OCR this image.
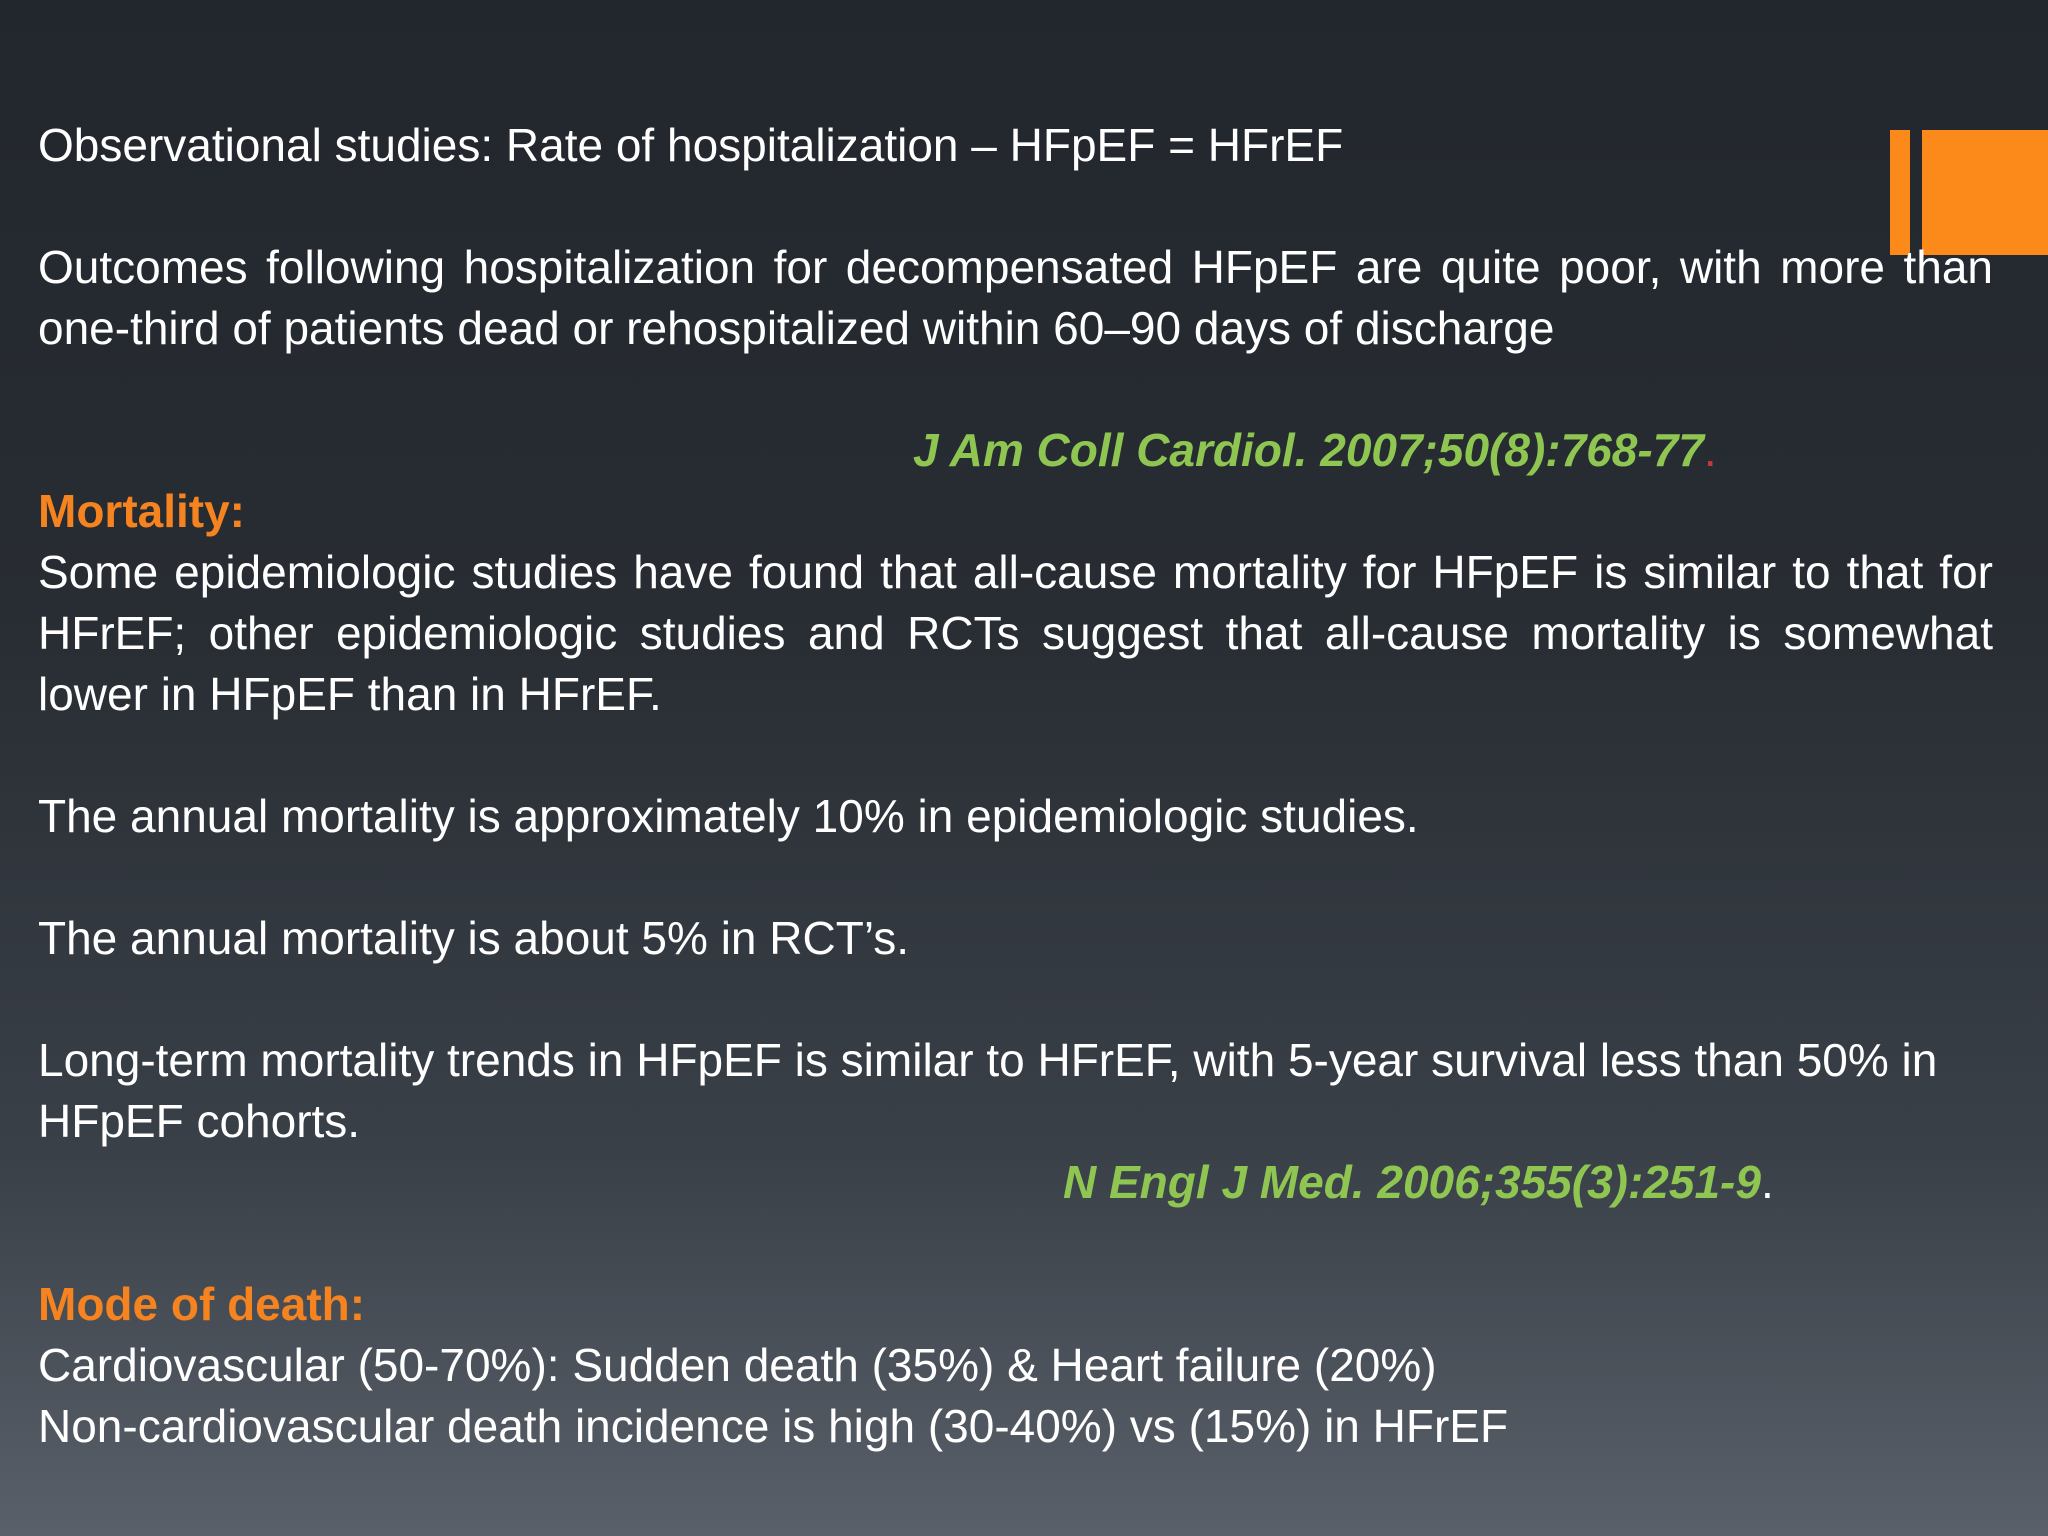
Observational studies: Rate of hospitalization – HFpEF = HFrEF

Outcomes following hospitalization for decompensated HFpEF are quite poor, with more than one-third of patients dead or rehospitalized within 60–90 days of discharge

J Am Coll Cardiol. 2007;50(8):768-77.

Mortality:

Some epidemiologic studies have found that all-cause mortality for HFpEF is similar to that for HFrEF; other epidemiologic studies and RCTs suggest that all-cause mortality is somewhat lower in HFpEF than in HFrEF.

The annual mortality is approximately 10% in epidemiologic studies.

The annual mortality is about 5% in RCT’s.

Long-term mortality trends in HFpEF is similar to HFrEF, with 5-year survival less than 50% in HFpEF cohorts.

N Engl J Med. 2006;355(3):251-9.

Mode of death:

Cardiovascular (50-70%): Sudden death (35%) & Heart failure (20%)

Non-cardiovascular death incidence is high (30-40%) vs (15%) in HFrEF
